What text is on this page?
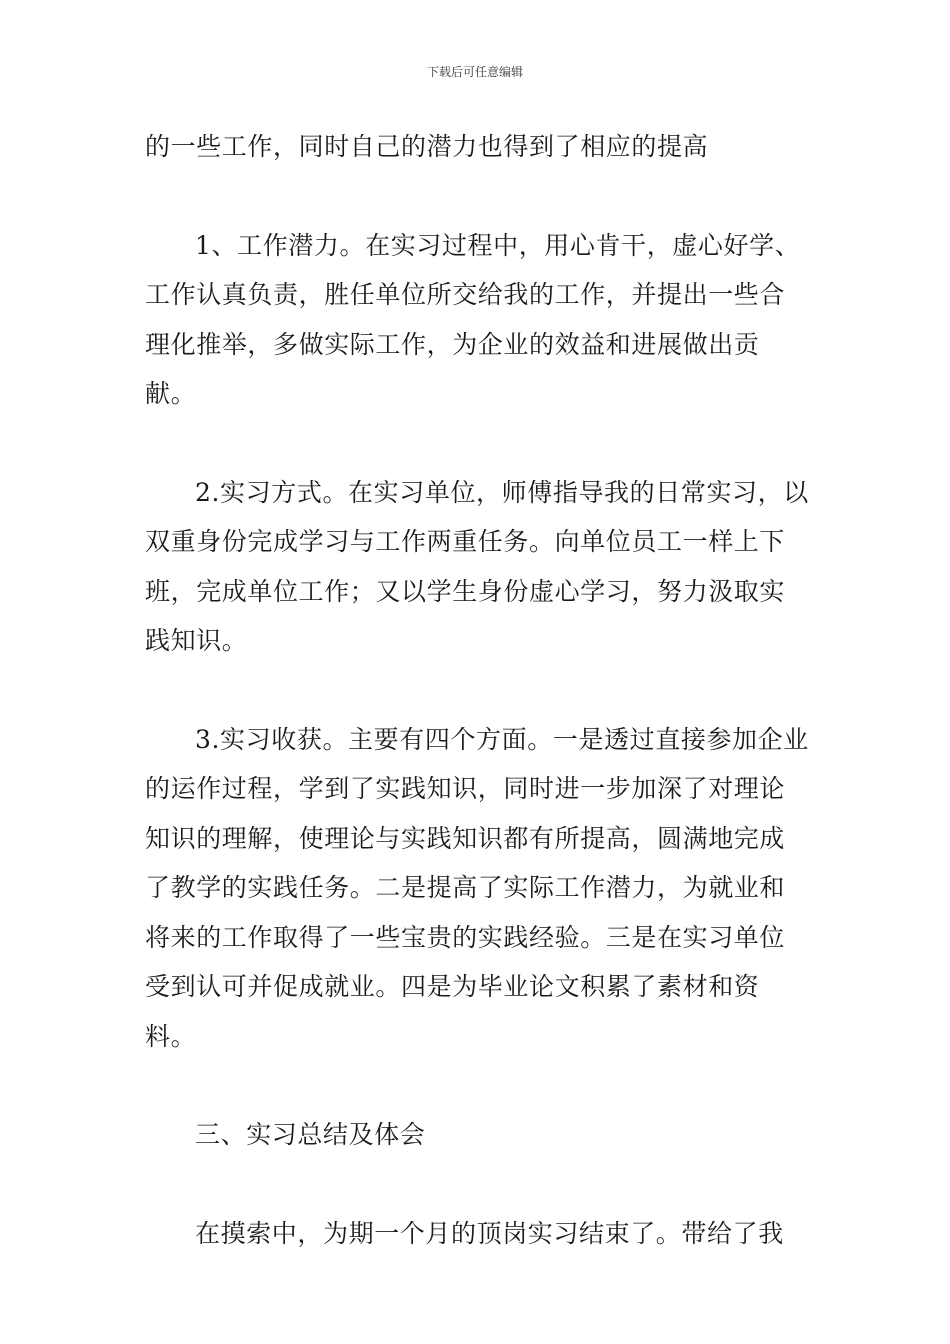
下载后可任意编辑

的一些工作，同时自己的潜力也得到了相应的提高

1、工作潜力。在实习过程中，用心肯干，虚心好学、工作认真负责，胜任单位所交给我的工作，并提出一些合理化推举，多做实际工作，为企业的效益和进展做出贡献。

2.实习方式。在实习单位，师傅指导我的日常实习，以双重身份完成学习与工作两重任务。向单位员工一样上下班，完成单位工作；又以学生身份虚心学习，努力汲取实践知识。

3.实习收获。主要有四个方面。一是透过直接参加企业的运作过程，学到了实践知识，同时进一步加深了对理论知识的理解，使理论与实践知识都有所提高，圆满地完成了教学的实践任务。二是提高了实际工作潜力，为就业和将来的工作取得了一些宝贵的实践经验。三是在实习单位受到认可并促成就业。四是为毕业论文积累了素材和资料。

三、实习总结及体会

在摸索中，为期一个月的顶岗实习结束了。带给了我
